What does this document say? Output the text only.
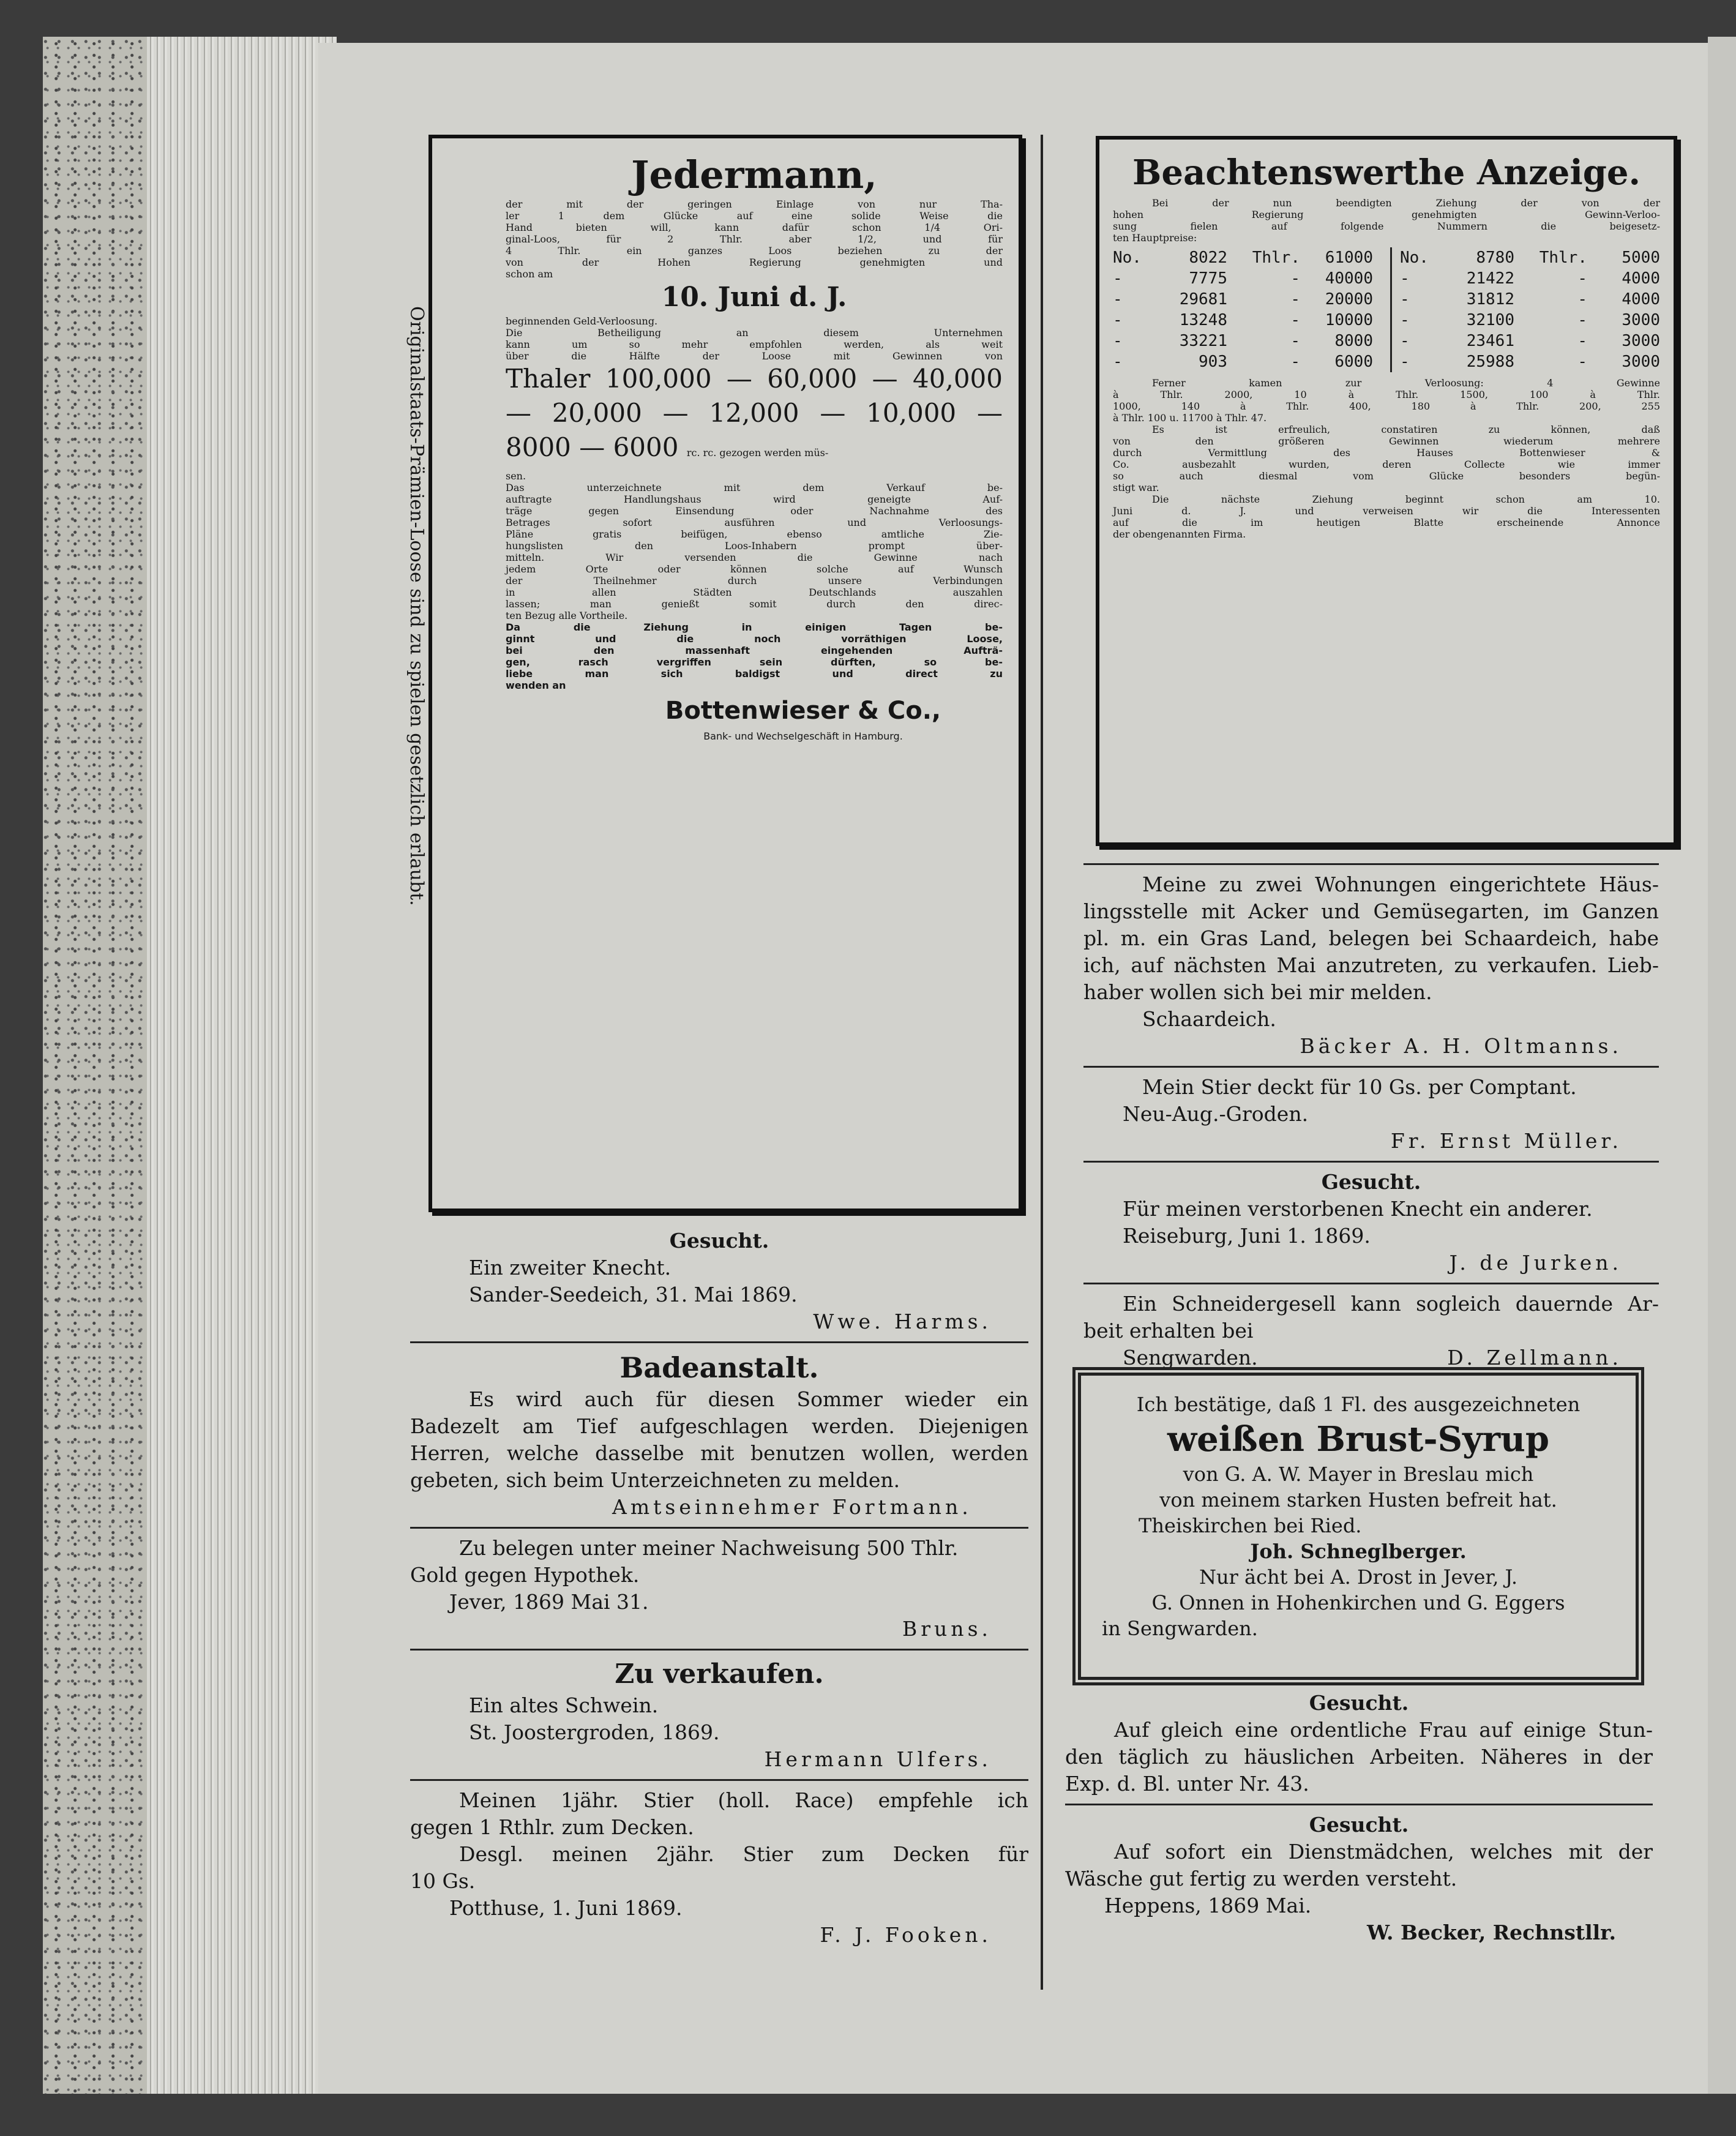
Jedermann,
der mit der geringen Einlage von nur Tha-
ler 1 dem Glücke auf eine solide Weise die
Hand bieten will, kann dafür schon 1/4 Ori-
ginal-Loos, für 2 Thlr. aber 1/2, und für
4 Thlr. ein ganzes Loos beziehen zu der
von der Hohen Regierung genehmigten und
schon am
10. Juni d. J.
beginnenden Geld-Verloosung.
Die Betheiligung an diesem Unternehmen
kann um so mehr empfohlen werden, als weit
über die Hälfte der Loose mit Gewinnen von
Thaler 100,000 — 60,000 — 40,000
— 20,000 — 12,000 — 10,000 —
8000 — 6000 rc. rc. gezogen werden müs-
sen.
Das unterzeichnete mit dem Verkauf be-
auftragte Handlungshaus wird geneigte Auf-
träge gegen Einsendung oder Nachnahme des
Betrages sofort ausführen und Verloosungs-
Pläne gratis beifügen, ebenso amtliche Zie-
hungslisten den Loos-Inhabern prompt über-
mitteln. Wir versenden die Gewinne nach
jedem Orte oder können solche auf Wunsch
der Theilnehmer durch unsere Verbindungen
in allen Städten Deutschlands auszahlen
lassen; man genießt somit durch den direc-
ten Bezug alle Vortheile.
Da die Ziehung in einigen Tagen be-
ginnt und die noch vorräthigen Loose,
bei den massenhaft eingehenden Aufträ-
gen, rasch vergriffen sein dürften, so be-
liebe man sich baldigst und direct zu
wenden an
Bottenwieser & Co.,
Bank- und Wechselgeschäft in Hamburg.
Originalstaats-Prämien-Loose sind zu spielen gesetzlich erlaubt.
Gesucht.
Ein zweiter Knecht.
Sander-Seedeich, 31. Mai 1869.
Wwe. Harms.
Badeanstalt.
Es wird auch für diesen Sommer wieder ein
Badezelt am Tief aufgeschlagen werden. Diejenigen
Herren, welche dasselbe mit benutzen wollen, werden
gebeten, sich beim Unterzeichneten zu melden.
Amtseinnehmer Fortmann.
Zu belegen unter meiner Nachweisung 500 Thlr.
Gold gegen Hypothek.
Jever, 1869 Mai 31.
Bruns.
Zu verkaufen.
Ein altes Schwein.
St. Joostergroden, 1869.
Hermann Ulfers.
Meinen 1jähr. Stier (holl. Race) empfehle ich
gegen 1 Rthlr. zum Decken.
Desgl. meinen 2jähr. Stier zum Decken für
10 Gs.
Potthuse, 1. Juni 1869.
F. J. Fooken.
Beachtenswerthe Anzeige.
Bei der nun beendigten Ziehung der von der
hohen Regierung genehmigten Gewinn-Verloo-
sung fielen auf folgende Nummern die beigesetz-
ten Hauptpreise:
No.	8022 Thlr. 61000
-	7775	- 40000
-	29681	- 20000
-	13248	- 10000
-	33221	- 8000
-	903	- 6000
No.	8780 Thlr. 5000
-	21422	- 4000
-	31812	- 4000
-	32100	- 3000
-	23461	- 3000
-	25988	- 3000
Ferner kamen zur Verloosung: 4 Gewinne
à Thlr. 2000, 10 à Thlr. 1500, 100 à Thlr.
1000, 140 à Thlr. 400, 180 à Thlr. 200, 255
à Thlr. 100 u. 11700 à Thlr. 47.
Es ist erfreulich, constatiren zu können, daß
von den größeren Gewinnen wiederum mehrere
durch Vermittlung des Hauses Bottenwieser &
Co. ausbezahlt wurden, deren Collecte wie immer
so auch diesmal vom Glücke besonders begün-
stigt war.
Die nächste Ziehung beginnt schon am 10.
Juni d. J. und verweisen wir die Interessenten
auf die im heutigen Blatte erscheinende Annonce
der obengenannten Firma.
Meine zu zwei Wohnungen eingerichtete Häus-
lingsstelle mit Acker und Gemüsegarten, im Ganzen
pl. m. ein Gras Land, belegen bei Schaardeich, habe
ich, auf nächsten Mai anzutreten, zu verkaufen. Lieb-
haber wollen sich bei mir melden.
Schaardeich.
Bäcker A. H. Oltmanns.
Mein Stier deckt für 10 Gs. per Comptant.
Neu-Aug.-Groden.
Fr. Ernst Müller.
Gesucht.
Für meinen verstorbenen Knecht ein anderer.
Reiseburg, Juni 1. 1869.
J. de Jurken.
Ein Schneidergesell kann sogleich dauernde Ar-
beit erhalten bei
Sengwarden.	D. Zellmann.
Ich bestätige, daß 1 Fl. des ausgezeichneten
weißen Brust-Syrup
von G. A. W. Mayer in Breslau mich
von meinem starken Husten befreit hat.
Theiskirchen bei Ried.
Joh. Schneglberger.
Nur ächt bei A. Drost in Jever, J.
G. Onnen in Hohenkirchen und G. Eggers
in Sengwarden.
Gesucht.
Auf gleich eine ordentliche Frau auf einige Stun-
den täglich zu häuslichen Arbeiten. Näheres in der
Exp. d. Bl. unter Nr. 43.
Gesucht.
Auf sofort ein Dienstmädchen, welches mit der
Wäsche gut fertig zu werden versteht.
Heppens, 1869 Mai.
W. Becker, Rechnstllr.
